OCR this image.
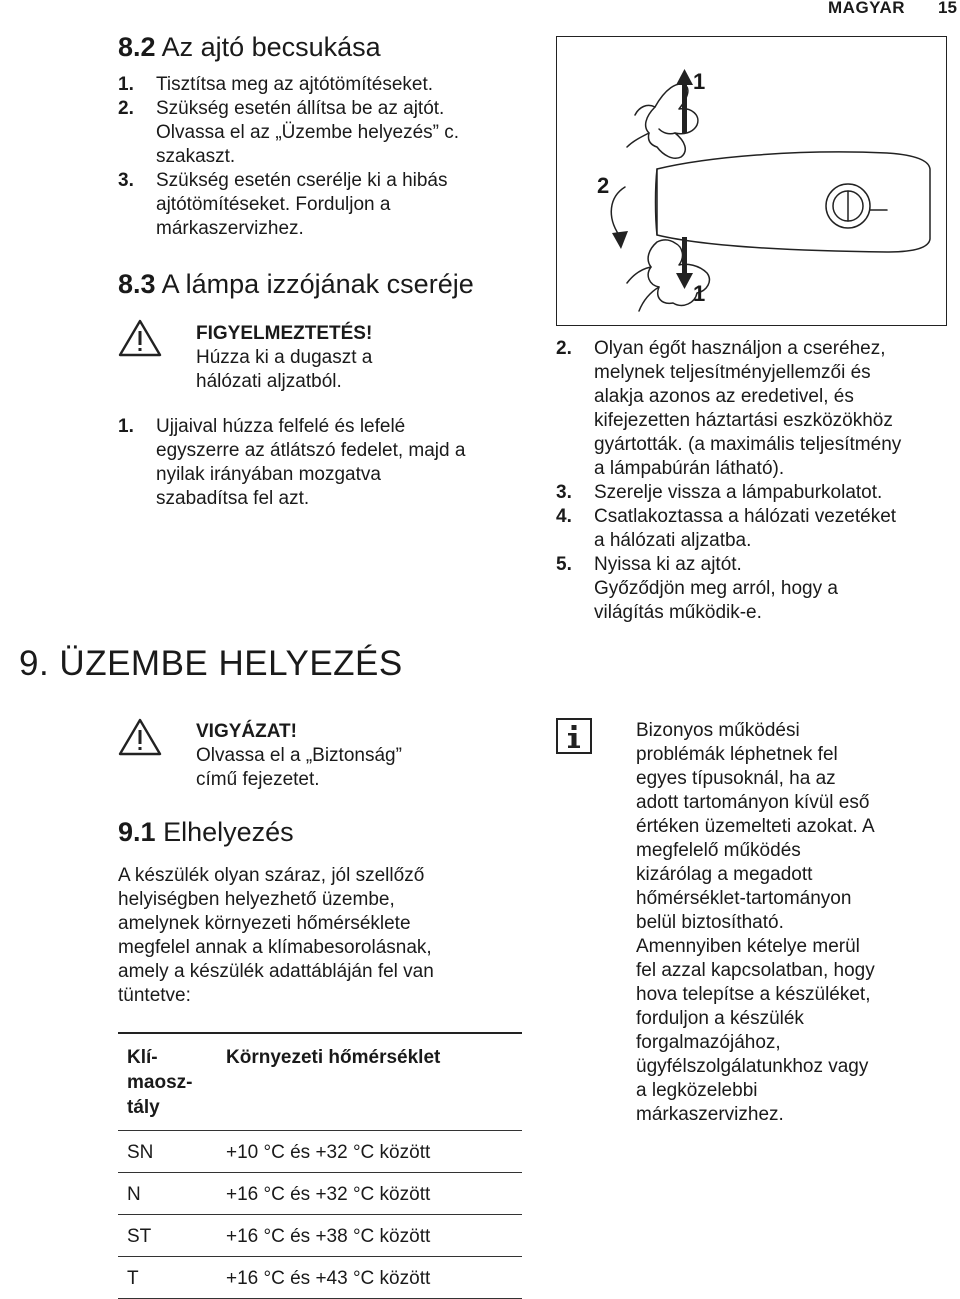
MAGYAR 15
8.2 Az ajtó becsukása
1. Tisztítsa meg az ajtótömítéseket.
2. Szükség esetén állítsa be az ajtót.
Olvassa el az „Üzembe helyezés” c.
szakaszt.
3. Szükség esetén cserélje ki a hibás
ajtótömítéseket. Forduljon a
márkaszervizhez.
8.3 A lámpa izzójának cseréje
FIGYELMEZTETÉS!
Húzza ki a dugaszt a
hálózati aljzatból.
1. Ujjaival húzza felfelé és lefelé
egyszerre az átlátszó fedelet, majd a
nyilak irányában mozgatva
szabadítsa fel azt.
1
1
2
2. Olyan égőt használjon a cseréhez,
melynek teljesítményjellemzői és
alakja azonos az eredetivel, és
kifejezetten háztartási eszközökhöz
gyártották. (a maximális teljesítmény
a lámpabúrán látható).
3. Szerelje vissza a lámpaburkolatot.
4. Csatlakoztassa a hálózati vezetéket
a hálózati aljzatba.
5. Nyissa ki az ajtót.
Győződjön meg arról, hogy a
világítás működik-e.
9. ÜZEMBE HELYEZÉS
VIGYÁZAT!
Olvassa el a „Biztonság”
című fejezetet.
9.1 Elhelyezés
A készülék olyan száraz, jól szellőző
helyiségben helyezhető üzembe,
amelynek környezeti hőmérséklete
megfelel annak a klímabesorolásnak,
amely a készülék adattábláján fel van
tüntetve:
Klí-
maosz-
tály	Környezeti hőmérséklet
SN	+10 °C és +32 °C között
N	+16 °C és +32 °C között
ST	+16 °C és +38 °C között
T	+16 °C és +43 °C között
Bizonyos működési
problémák léphetnek fel
egyes típusoknál, ha az
adott tartományon kívül eső
értéken üzemelteti azokat. A
megfelelő működés
kizárólag a megadott
hőmérséklet-tartományon
belül biztosítható.
Amennyiben kételye merül
fel azzal kapcsolatban, hogy
hova telepítse a készüléket,
forduljon a készülék
forgalmazójához,
ügyfélszolgálatunkhoz vagy
a legközelebbi
márkaszervizhez.
